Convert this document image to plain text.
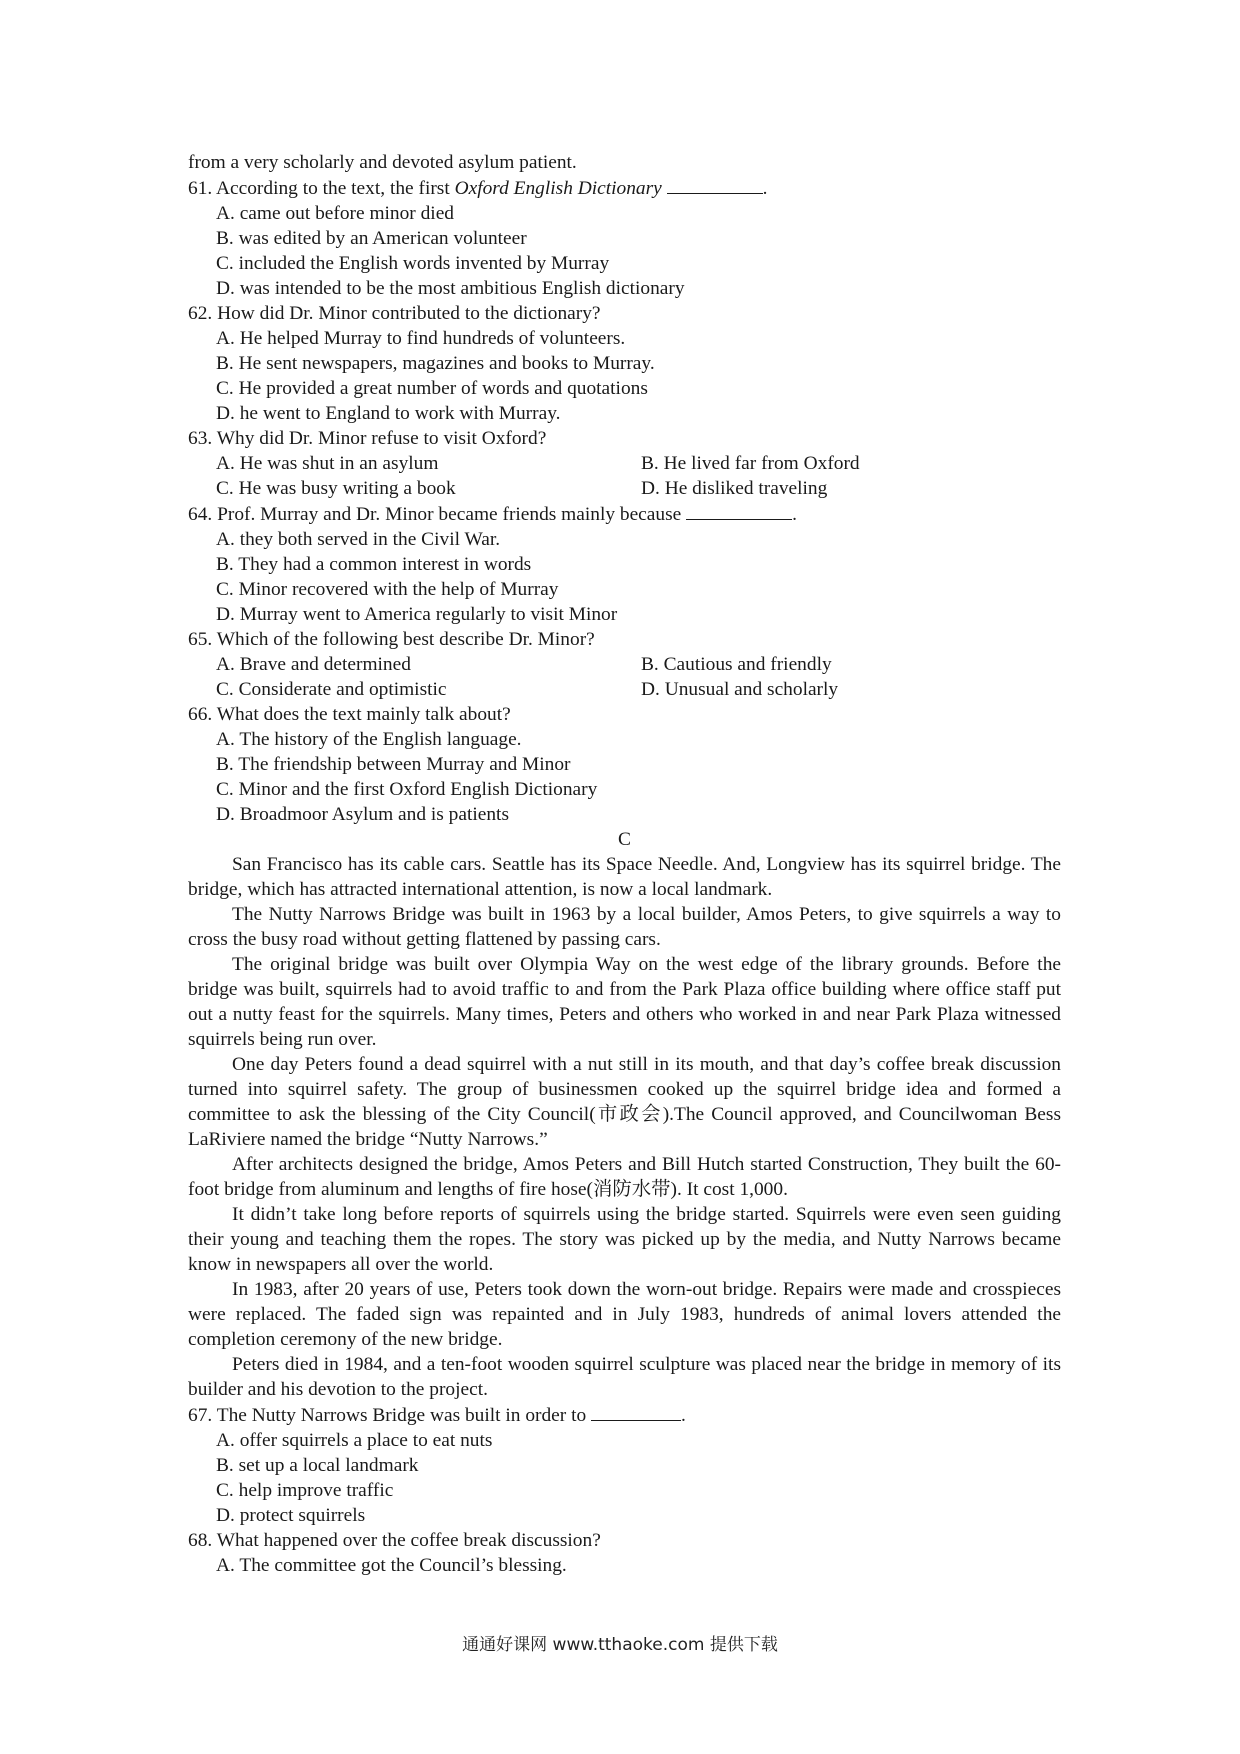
from a very scholarly and devoted asylum patient.
61. According to the text, the first Oxford English Dictionary	.
A. came out before minor died
B. was edited by an American volunteer
C. included the English words invented by Murray
D. was intended to be the most ambitious English dictionary
62. How did Dr. Minor contributed to the dictionary?
A. He helped Murray to find hundreds of volunteers.
B. He sent newspapers, magazines and books to Murray.
C. He provided a great number of words and quotations
D. he went to England to work with Murray.
63. Why did Dr. Minor refuse to visit Oxford?
A. He was shut in an asylum	B. He lived far from Oxford
C. He was busy writing a book	D. He disliked traveling
64. Prof. Murray and Dr. Minor became friends mainly because	.
A. they both served in the Civil War.
B. They had a common interest in words
C. Minor recovered with the help of Murray
D. Murray went to America regularly to visit Minor
65. Which of the following best describe Dr. Minor?
A. Brave and determined	B. Cautious and friendly
C. Considerate and optimistic	D. Unusual and scholarly
66. What does the text mainly talk about?
A. The history of the English language.
B. The friendship between Murray and Minor
C. Minor and the first Oxford English Dictionary
D. Broadmoor Asylum and is patients
C
San Francisco has its cable cars. Seattle has its Space Needle. And, Longview has its squirrel bridge. The bridge, which has attracted international attention, is now a local landmark.
The Nutty Narrows Bridge was built in 1963 by a local builder, Amos Peters, to give squirrels a way to cross the busy road without getting flattened by passing cars.
The original bridge was built over Olympia Way on the west edge of the library grounds. Before the bridge was built, squirrels had to avoid traffic to and from the Park Plaza office building where office staff put out a nutty feast for the squirrels. Many times, Peters and others who worked in and near Park Plaza witnessed squirrels being run over.
One day Peters found a dead squirrel with a nut still in its mouth, and that day’s coffee break discussion turned into squirrel safety. The group of businessmen cooked up the squirrel bridge idea and formed a committee to ask the blessing of the City Council(市政会).The Council approved, and Councilwoman Bess LaRiviere named the bridge “Nutty Narrows.”
After architects designed the bridge, Amos Peters and Bill Hutch started Construction, They built the 60-foot bridge from aluminum and lengths of fire hose(消防水带). It cost 1,000.
It didn’t take long before reports of squirrels using the bridge started. Squirrels were even seen guiding their young and teaching them the ropes. The story was picked up by the media, and Nutty Narrows became know in newspapers all over the world.
In 1983, after 20 years of use, Peters took down the worn-out bridge. Repairs were made and crosspieces were replaced. The faded sign was repainted and in July 1983, hundreds of animal lovers attended the completion ceremony of the new bridge.
Peters died in 1984, and a ten-foot wooden squirrel sculpture was placed near the bridge in memory of its builder and his devotion to the project.
67. The Nutty Narrows Bridge was built in order to	.
A. offer squirrels a place to eat nuts
B. set up a local landmark
C. help improve traffic
D. protect squirrels
68. What happened over the coffee break discussion?
A. The committee got the Council’s blessing.
通通好课网 www.tthaoke.com 提供下载
